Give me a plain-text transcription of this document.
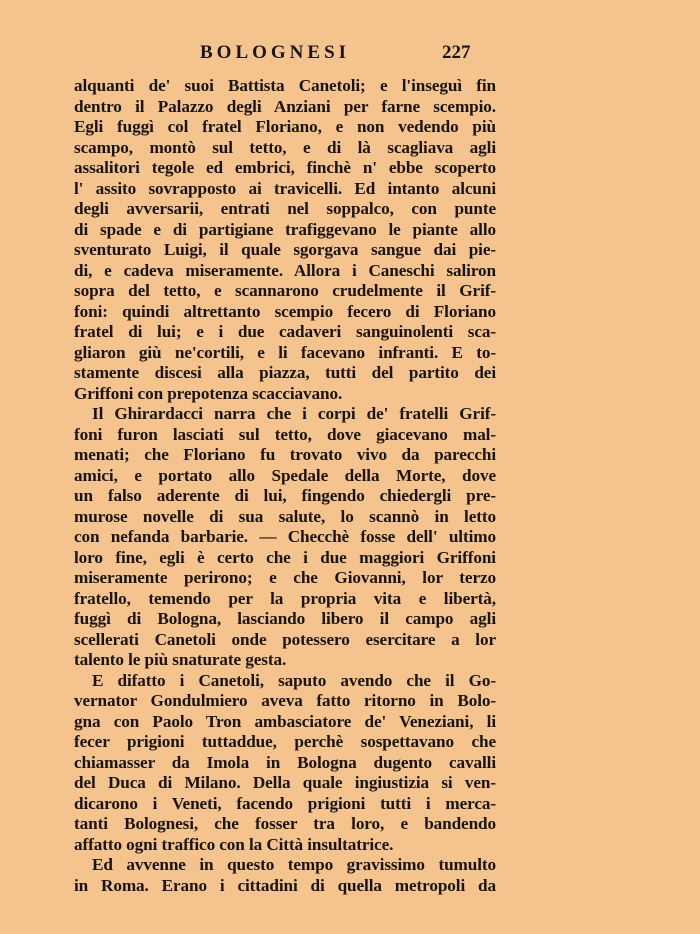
BOLOGNESI	227
alquanti de' suoi Battista Canetoli; e l'inseguì fin
dentro il Palazzo degli Anziani per farne scempio.
Egli fuggì col fratel Floriano, e non vedendo più
scampo, montò sul tetto, e di là scagliava agli
assalitori tegole ed embrici, finchè n' ebbe scoperto
l' assito sovrapposto ai travicelli. Ed intanto alcuni
degli avversarii, entrati nel soppalco, con punte
di spade e di partigiane trafiggevano le piante allo
sventurato Luigi, il quale sgorgava sangue dai pie-
di, e cadeva miseramente. Allora i Caneschi saliron
sopra del tetto, e scannarono crudelmente il Grif-
foni: quindi altrettanto scempio fecero di Floriano
fratel di lui; e i due cadaveri sanguinolenti sca-
gliaron giù ne'cortili, e li facevano infranti. E to-
stamente discesi alla piazza, tutti del partito dei
Griffoni con prepotenza scacciavano.
Il Ghirardacci narra che i corpi de' fratelli Grif-
foni furon lasciati sul tetto, dove giacevano mal-
menati; che Floriano fu trovato vivo da parecchi
amici, e portato allo Spedale della Morte, dove
un falso aderente di lui, fingendo chiedergli pre-
murose novelle di sua salute, lo scannò in letto
con nefanda barbarie. — Checchè fosse dell' ultimo
loro fine, egli è certo che i due maggiori Griffoni
miseramente perirono; e che Giovanni, lor terzo
fratello, temendo per la propria vita e libertà,
fuggì di Bologna, lasciando libero il campo agli
scellerati Canetoli onde potessero esercitare a lor
talento le più snaturate gesta.
E difatto i Canetoli, saputo avendo che il Go-
vernator Gondulmiero aveva fatto ritorno in Bolo-
gna con Paolo Tron ambasciatore de' Veneziani, li
fecer prigioni tuttaddue, perchè sospettavano che
chiamasser da Imola in Bologna dugento cavalli
del Duca di Milano. Della quale ingiustizia si ven-
dicarono i Veneti, facendo prigioni tutti i merca-
tanti Bolognesi, che fosser tra loro, e bandendo
affatto ogni traffico con la Città insultatrice.
Ed avvenne in questo tempo gravissimo tumulto
in Roma. Erano i cittadini di quella metropoli da
